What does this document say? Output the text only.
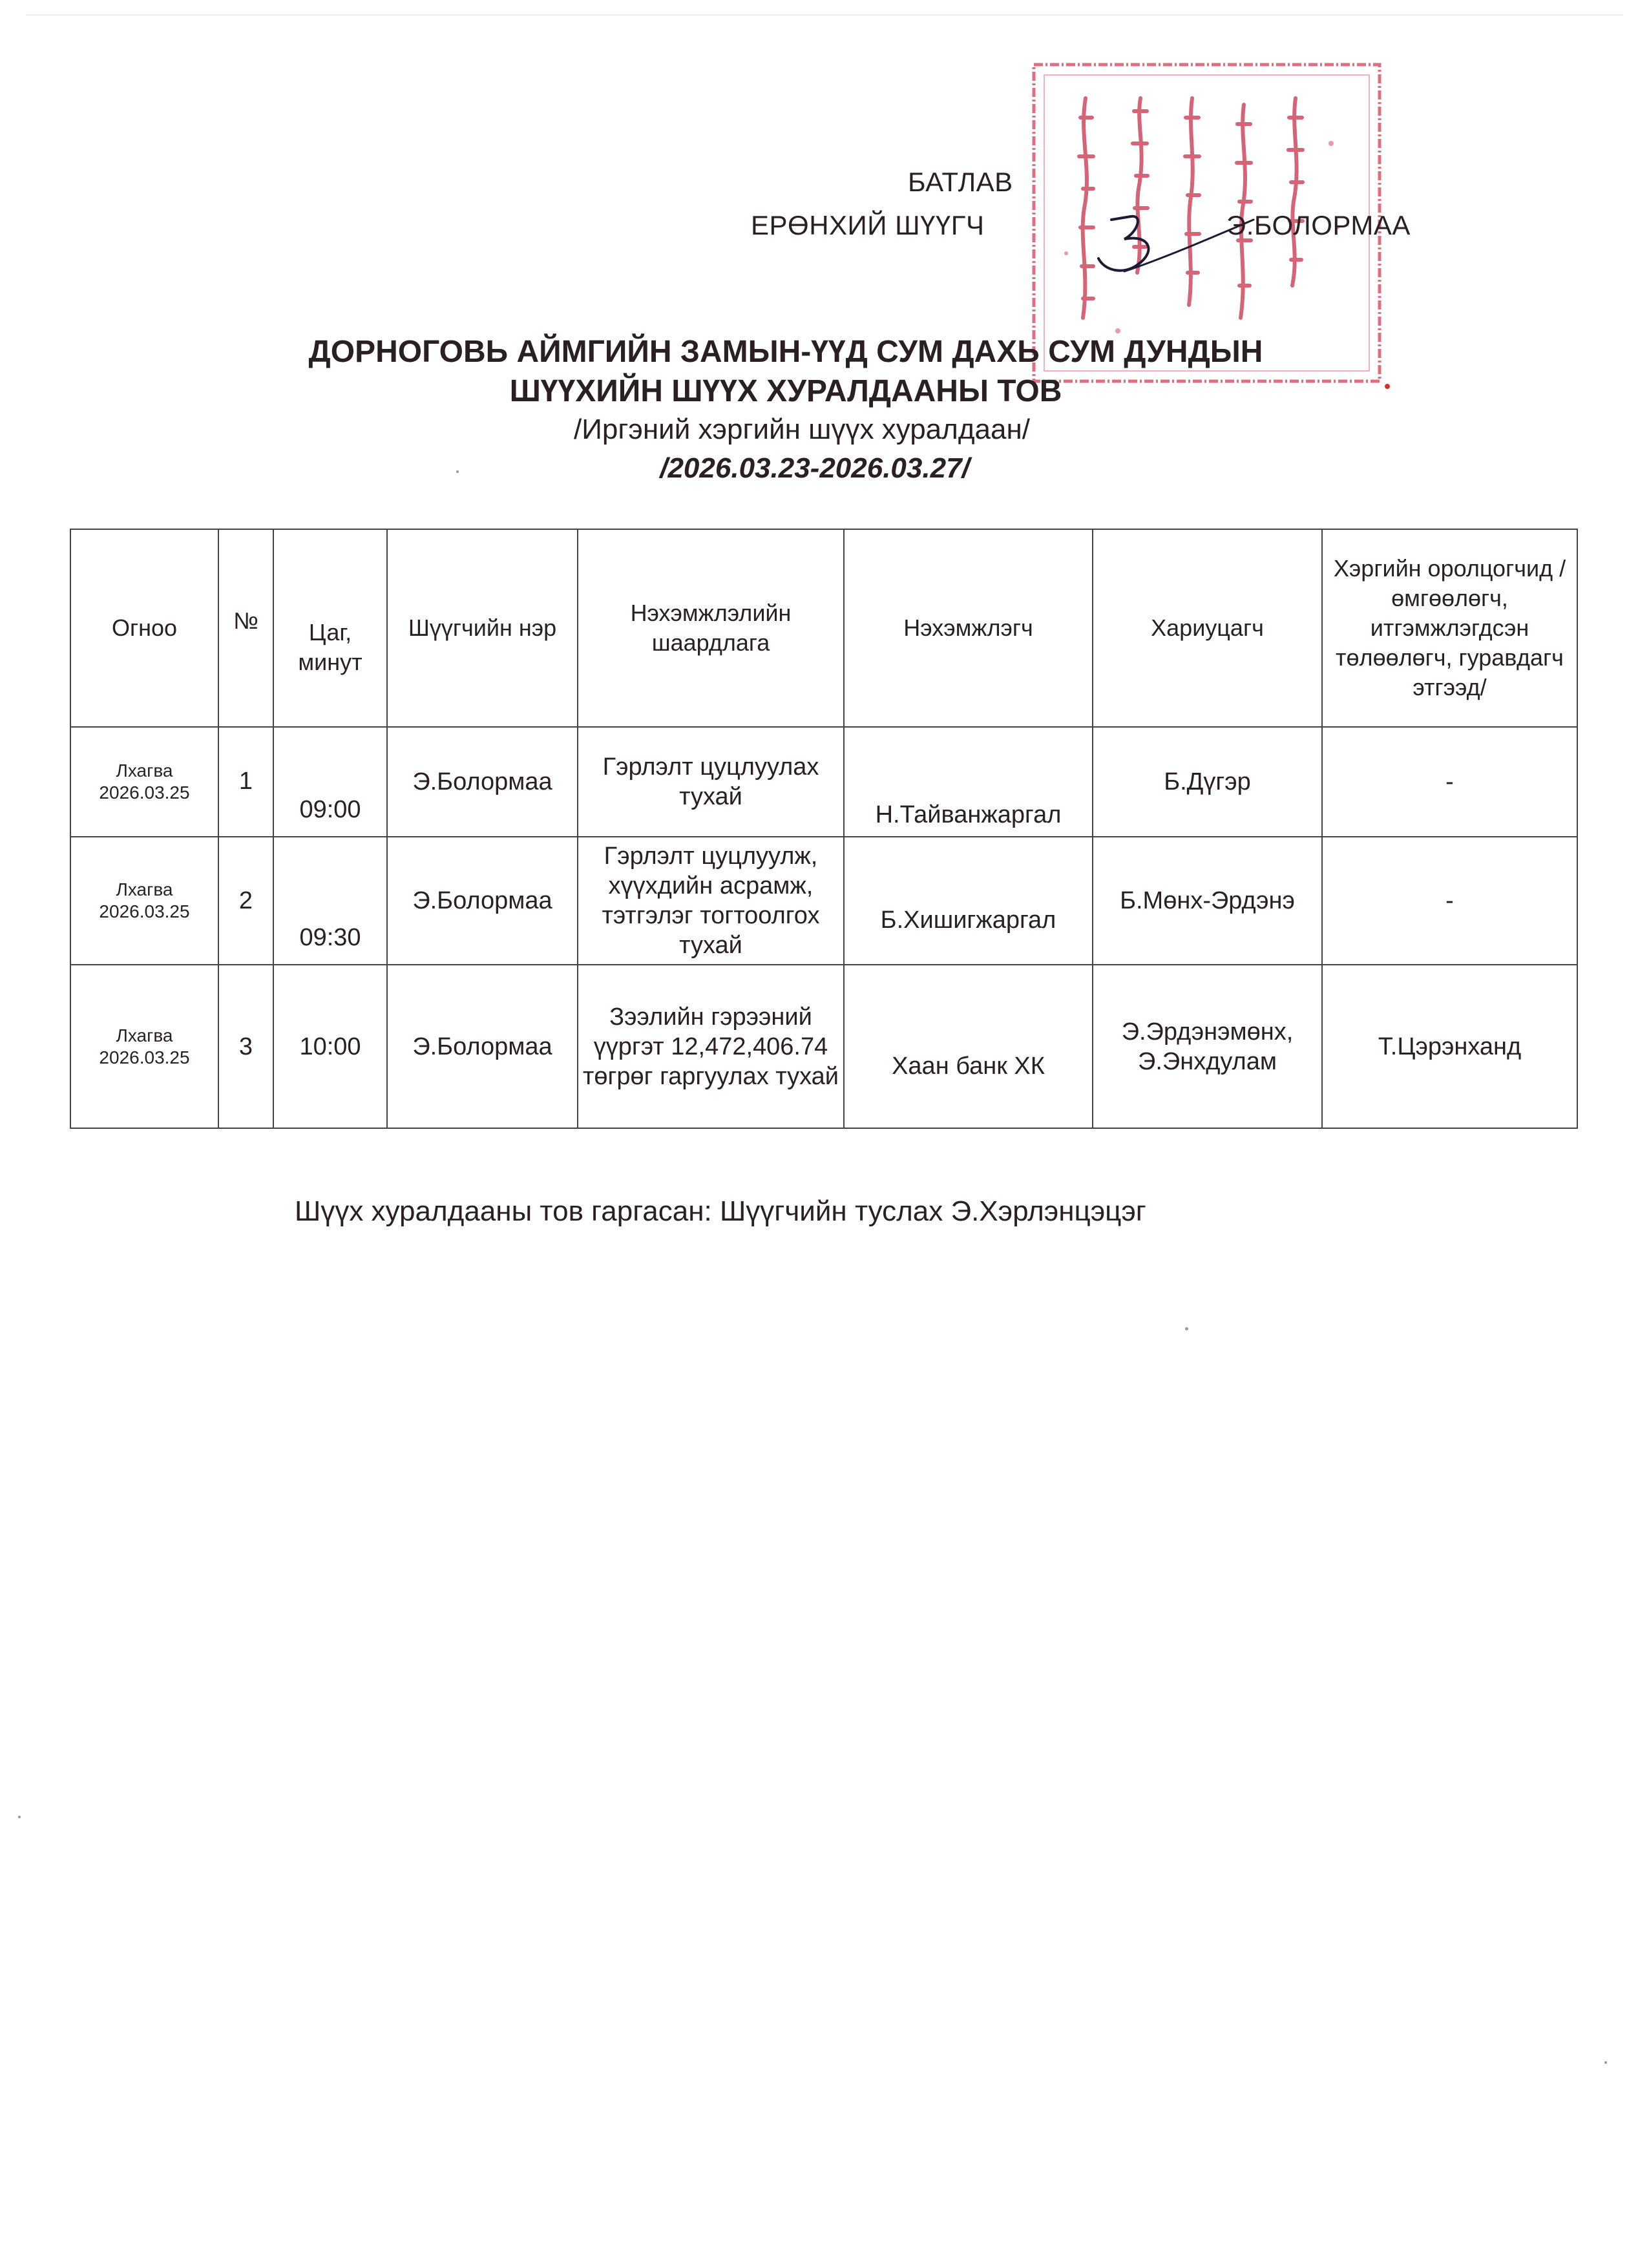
БАТЛАВ
ЕРӨНХИЙ ШҮҮГЧ	Э.БОЛОРМАА
ДОРНОГОВЬ АЙМГИЙН ЗАМЫН-ҮҮД СУМ ДАХЬ СУМ ДУНДЫН
ШҮҮХИЙН ШҮҮХ ХУРАЛДААНЫ ТОВ
/Иргэний хэргийн шүүх хуралдаан/
/2026.03.23-2026.03.27/
Огноо	№	Цаг, минут	Шүүгчийн нэр	Нэхэмжлэлийн шаардлага	Нэхэмжлэгч	Хариуцагч	Хэргийн оролцогчид /өмгөөлөгч, итгэмжлэгдсэн төлөөлөгч, гуравдагч этгээд/

Лхагва
2026.03.25	1	09:00	Э.Болормаа	Гэрлэлт цуцлуулах тухай	Н.Тайванжаргал	Б.Дүгэр	-

Лхагва
2026.03.25	2	09:30	Э.Болормаа	Гэрлэлт цуцлуулж, хүүхдийн асрамж, тэтгэлэг тогтоолгох тухай	Б.Хишигжаргал	Б.Мөнх-Эрдэнэ	-

Лхагва
2026.03.25	3	10:00	Э.Болормаа	Зээлийн гэрээний үүргэт 12,472,406.74 төгрөг гаргуулах тухай	Хаан банк ХК	Э.Эрдэнэмөнх, Э.Энхдулам	Т.Цэрэнханд
Шүүх хуралдааны тов гаргасан: Шүүгчийн туслах Э.Хэрлэнцэцэг
